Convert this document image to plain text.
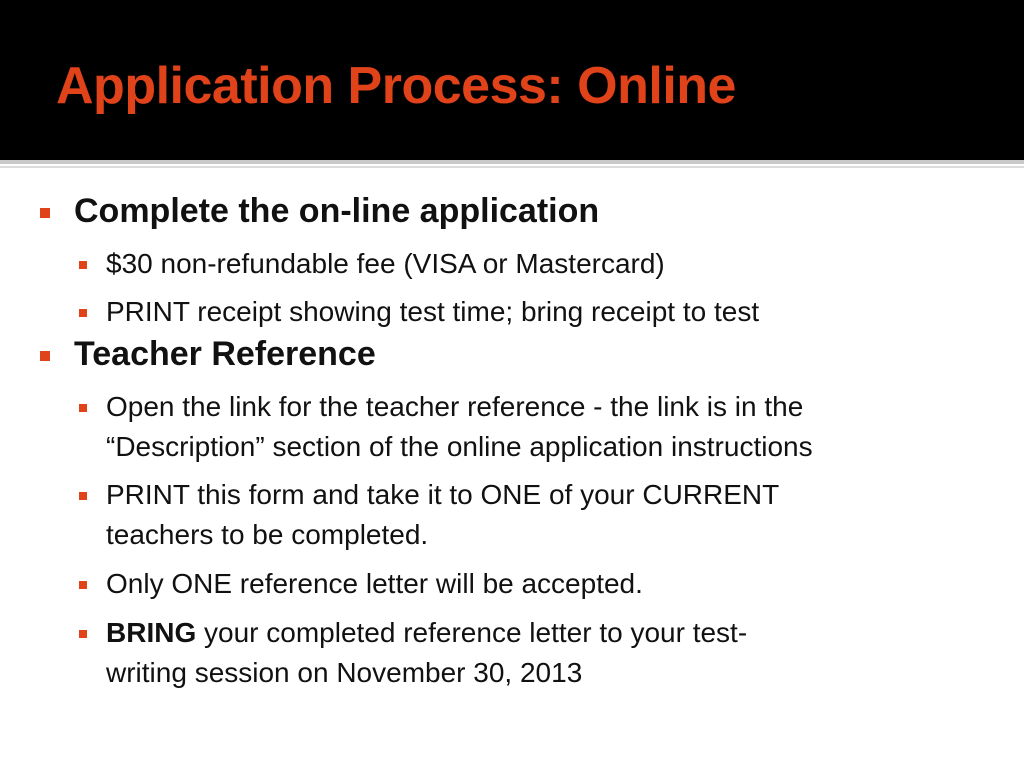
Application Process: Online
Complete the on-line application
$30 non-refundable fee (VISA or Mastercard)
PRINT receipt showing test time; bring receipt to test
Teacher Reference
Open the link for the teacher reference - the link is in the
“Description” section of the online application instructions
PRINT this form and take it to ONE of your CURRENT
teachers to be completed.
Only ONE reference letter will be accepted.
BRING your completed reference letter to your test-
writing session on November 30, 2013
